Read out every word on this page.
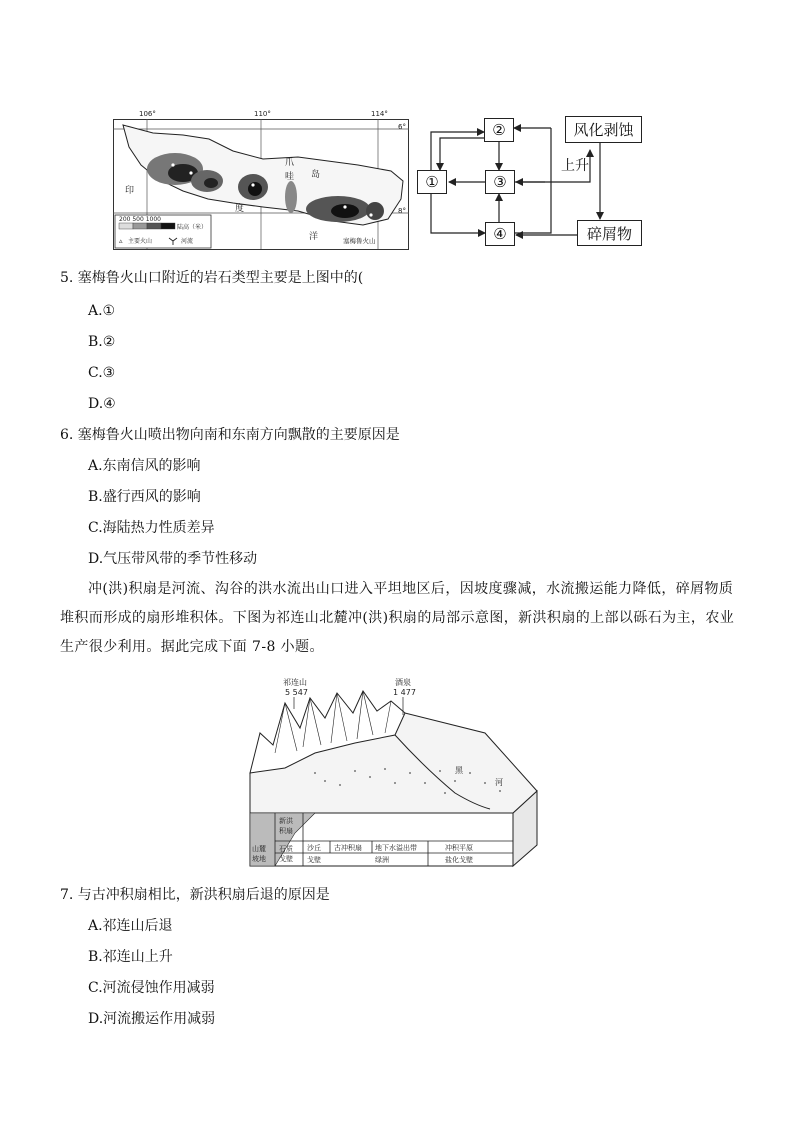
106°	110°	114°
6°
8°
印
度
爪
哇 岛
洋	塞梅鲁火山
200 500 1000
陆高（米）
▵ 主要火山	河流
①
②
③
④
风化剥蚀
碎屑物
上升
5. 塞梅鲁火山口附近的岩石类型主要是上图中的(
A.①
B.②
C.③
D.④
6. 塞梅鲁火山喷出物向南和东南方向飘散的主要原因是
A.东南信风的影响
B.盛行西风的影响
C.海陆热力性质差异
D.气压带风带的季节性移动
冲(洪)积扇是河流、沟谷的洪水流出山口进入平坦地区后，因坡度骤减，水流搬运能力降低，碎屑物质堆积而形成的扇形堆积体。下图为祁连山北麓冲(洪)积扇的局部示意图，新洪积扇的上部以砾石为主，农业生产很少利用。据此完成下面 7-8 小题。
祁连山
5 547
酒泉
1 477
黑
河
山麓
坡地
新洪
积扇
石质
戈壁
沙丘 古冲积扇 地下水溢出带	冲积平原
戈壁	绿洲	盐化戈壁
7. 与古冲积扇相比，新洪积扇后退的原因是
A.祁连山后退
B.祁连山上升
C.河流侵蚀作用减弱
D.河流搬运作用减弱
